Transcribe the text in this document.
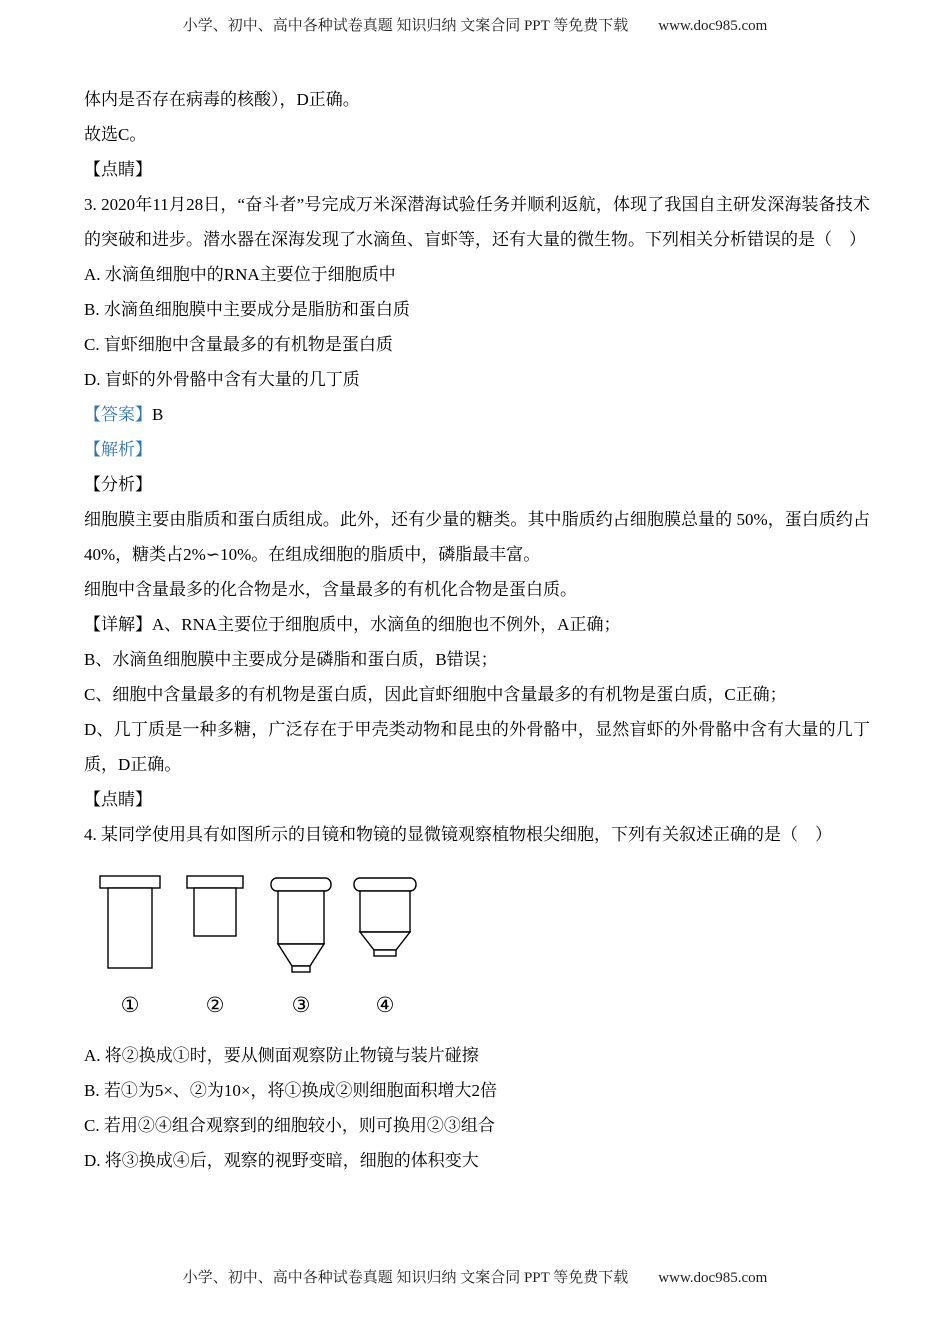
小学、初中、高中各种试卷真题 知识归纳 文案合同 PPT 等免费下载　　www.doc985.com

体内是否存在病毒的核酸），D正确。

故选C。

【点睛】

3. 2020年11月28日，“奋斗者”号完成万米深潜海试验任务并顺利返航，体现了我国自主研发深海装备技术的突破和进步。潜水器在深海发现了水滴鱼、盲虾等，还有大量的微生物。下列相关分析错误的是（　）

A. 水滴鱼细胞中的RNA主要位于细胞质中

B. 水滴鱼细胞膜中主要成分是脂肪和蛋白质

C. 盲虾细胞中含量最多的有机物是蛋白质

D. 盲虾的外骨骼中含有大量的几丁质

【答案】B

【解析】

【分析】

细胞膜主要由脂质和蛋白质组成。此外，还有少量的糖类。其中脂质约占细胞膜总量的 50%，蛋白质约占40%，糖类占2%∽10%。在组成细胞的脂质中，磷脂最丰富。

细胞中含量最多的化合物是水，含量最多的有机化合物是蛋白质。

【详解】A、RNA主要位于细胞质中，水滴鱼的细胞也不例外，A正确；

B、水滴鱼细胞膜中主要成分是磷脂和蛋白质，B错误；

C、细胞中含量最多的有机物是蛋白质，因此盲虾细胞中含量最多的有机物是蛋白质，C正确；

D、几丁质是一种多糖，广泛存在于甲壳类动物和昆虫的外骨骼中，显然盲虾的外骨骼中含有大量的几丁质，D正确。

【点睛】

4. 某同学使用具有如图所示的目镜和物镜的显微镜观察植物根尖细胞，下列有关叙述正确的是（　）

①	②	③	④

A. 将②换成①时，要从侧面观察防止物镜与装片碰擦

B. 若①为5×、②为10×，将①换成②则细胞面积增大2倍

C. 若用②④组合观察到的细胞较小，则可换用②③组合

D. 将③换成④后，观察的视野变暗，细胞的体积变大

小学、初中、高中各种试卷真题 知识归纳 文案合同 PPT 等免费下载　　www.doc985.com
